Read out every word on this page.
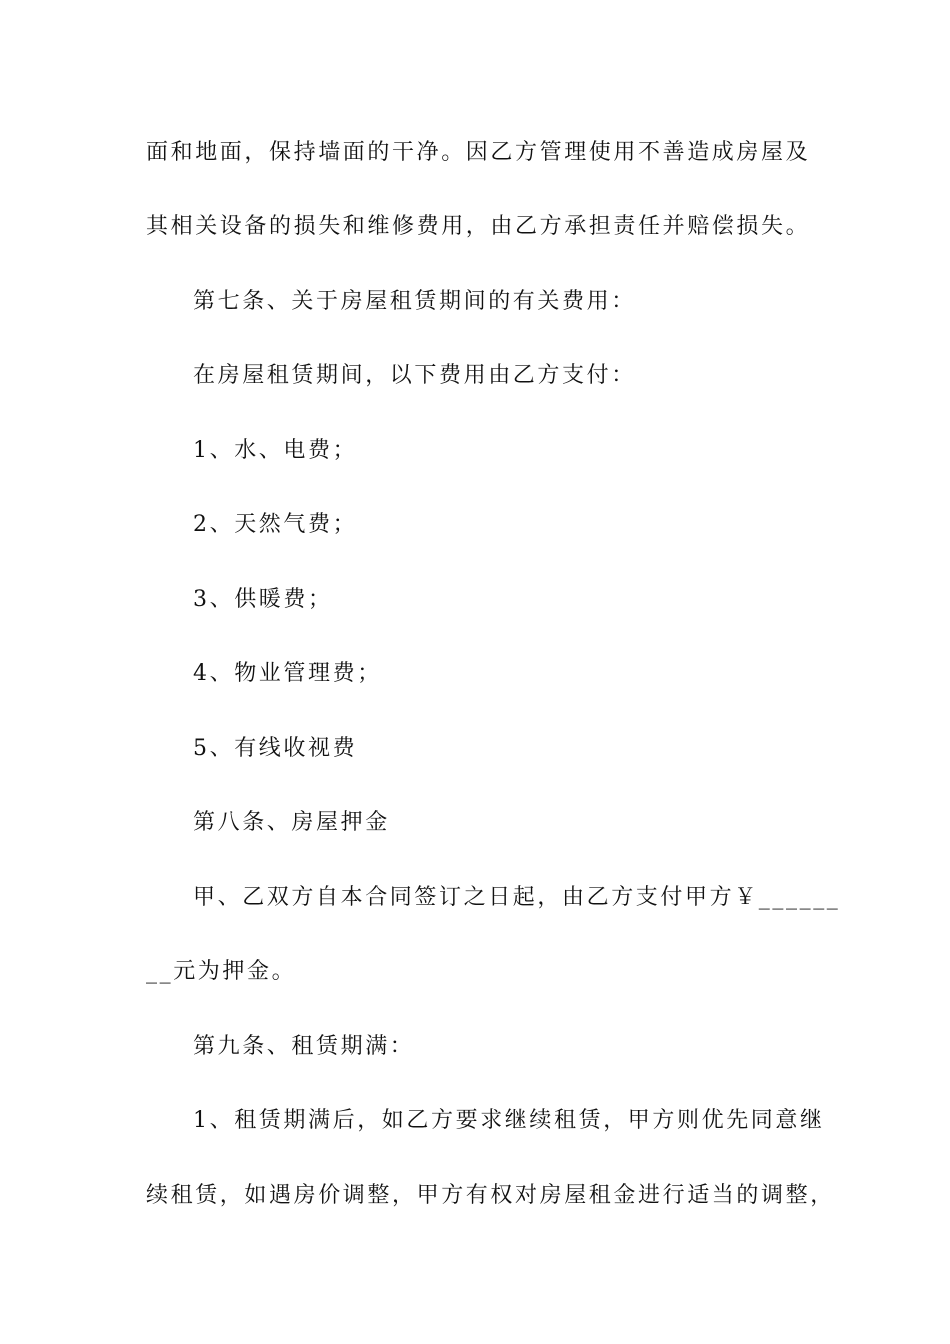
面和地面，保持墙面的干净。因乙方管理使用不善造成房屋及
其相关设备的损失和维修费用，由乙方承担责任并赔偿损失。
第七条、关于房屋租赁期间的有关费用：
在房屋租赁期间，以下费用由乙方支付：
1、水、电费；
2、天然气费；
3、供暖费；
4、物业管理费；
5、有线收视费
第八条、房屋押金
甲、乙双方自本合同签订之日起，由乙方支付甲方￥______
__元为押金。
第九条、租赁期满：
1、租赁期满后，如乙方要求继续租赁，甲方则优先同意继
续租赁，如遇房价调整，甲方有权对房屋租金进行适当的调整，
